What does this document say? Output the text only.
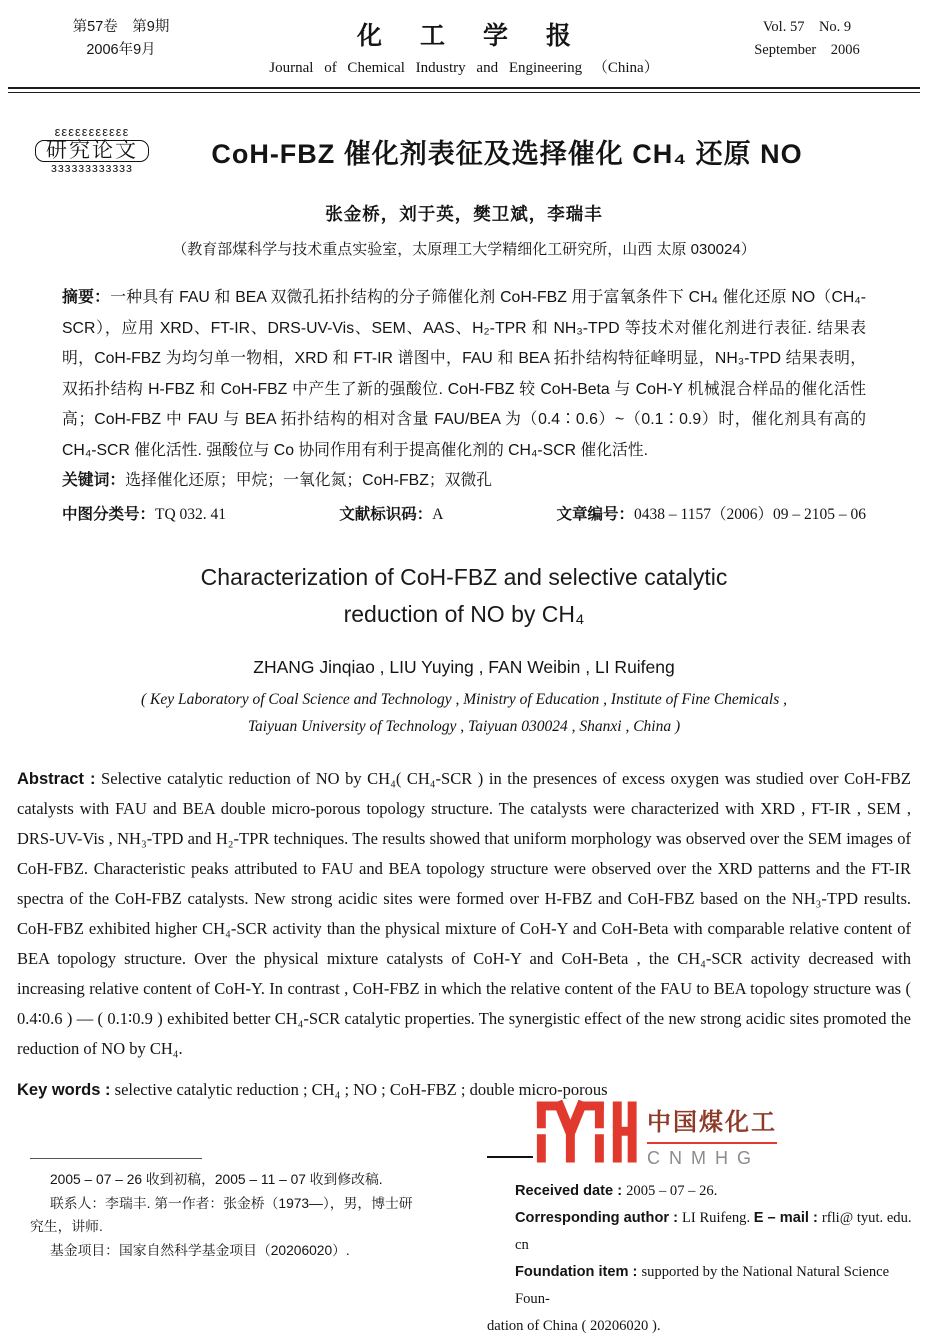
第57卷　第9期
2006年9月	化工学报
Journal of Chemical Industry and Engineering （China）
Vol. 57　No. 9
September　2006
εεεεεεεεεεε
研究论文
зззззззззззз	CoH-FBZ 催化剂表征及选择催化 CH₄ 还原 NO
张金桥，刘于英，樊卫斌，李瑞丰
（教育部煤科学与技术重点实验室，太原理工大学精细化工研究所，山西 太原 030024）

摘要：一种具有 FAU 和 BEA 双微孔拓扑结构的分子筛催化剂 CoH-FBZ 用于富氧条件下 CH₄ 催化还原 NO（CH₄-SCR），应用 XRD、FT-IR、DRS-UV-Vis、SEM、AAS、H₂-TPR 和 NH₃-TPD 等技术对催化剂进行表征. 结果表明，CoH-FBZ 为均匀单一物相，XRD 和 FT-IR 谱图中，FAU 和 BEA 拓扑结构特征峰明显，NH₃-TPD 结果表明，双拓扑结构 H-FBZ 和 CoH-FBZ 中产生了新的强酸位. CoH-FBZ 较 CoH-Beta 与 CoH-Y 机械混合样品的催化活性高；CoH-FBZ 中 FAU 与 BEA 拓扑结构的相对含量 FAU/BEA 为（0.4∶0.6）~（0.1∶0.9）时，催化剂具有高的 CH₄-SCR 催化活性. 强酸位与 Co 协同作用有利于提高催化剂的 CH₄-SCR 催化活性.

关键词：选择催化还原；甲烷；一氧化氮；CoH-FBZ；双微孔

中图分类号：TQ 032. 41	文献标识码：A	文章编号：0438 – 1157（2006）09 – 2105 – 06
Characterization of CoH-FBZ and selective catalytic
reduction of NO by CH₄
ZHANG Jinqiao , LIU Yuying , FAN Weibin , LI Ruifeng
( Key Laboratory of Coal Science and Technology , Ministry of Education , Institute of Fine Chemicals ,
Taiyuan University of Technology , Taiyuan 030024 , Shanxi , China )

Abstract : Selective catalytic reduction of NO by CH₄( CH₄-SCR ) in the presences of excess oxygen was studied over CoH-FBZ catalysts with FAU and BEA double micro-porous topology structure. The catalysts were characterized with XRD , FT-IR , SEM , DRS-UV-Vis , NH₃-TPD and H₂-TPR techniques. The results showed that uniform morphology was observed over the SEM images of CoH-FBZ. Characteristic peaks attributed to FAU and BEA topology structure were observed over the XRD patterns and the FT-IR spectra of the CoH-FBZ catalysts. New strong acidic sites were formed over H-FBZ and CoH-FBZ based on the NH₃-TPD results. CoH-FBZ exhibited higher CH₄-SCR activity than the physical mixture of CoH-Y and CoH-Beta with comparable relative content of BEA topology structure. Over the physical mixture catalysts of CoH-Y and CoH-Beta , the CH₄-SCR activity decreased with increasing relative content of CoH-Y. In contrast , CoH-FBZ in which the relative content of the FAU to BEA topology structure was ( 0.4∶0.6 ) — ( 0.1∶0.9 ) exhibited better CH₄-SCR catalytic properties. The synergistic effect of the new strong acidic sites promoted the reduction of NO by CH₄.

Key words : selective catalytic reduction ; CH₄ ; NO ; CoH-FBZ ; double micro-porous

2005 – 07 – 26 收到初稿，2005 – 11 – 07 收到修改稿.
联系人：李瑞丰. 第一作者：张金桥（1973—），男，博士研
究生，讲师.
基金项目：国家自然科学基金项目（20206020）.
中国煤化工
CNMHG
Received date : 2005 – 07 – 26.
Corresponding author : LI Ruifeng. E – mail : rfli@ tyut. edu. cn
Foundation item : supported by the National Natural Science Foun-
dation of China ( 20206020 ).
